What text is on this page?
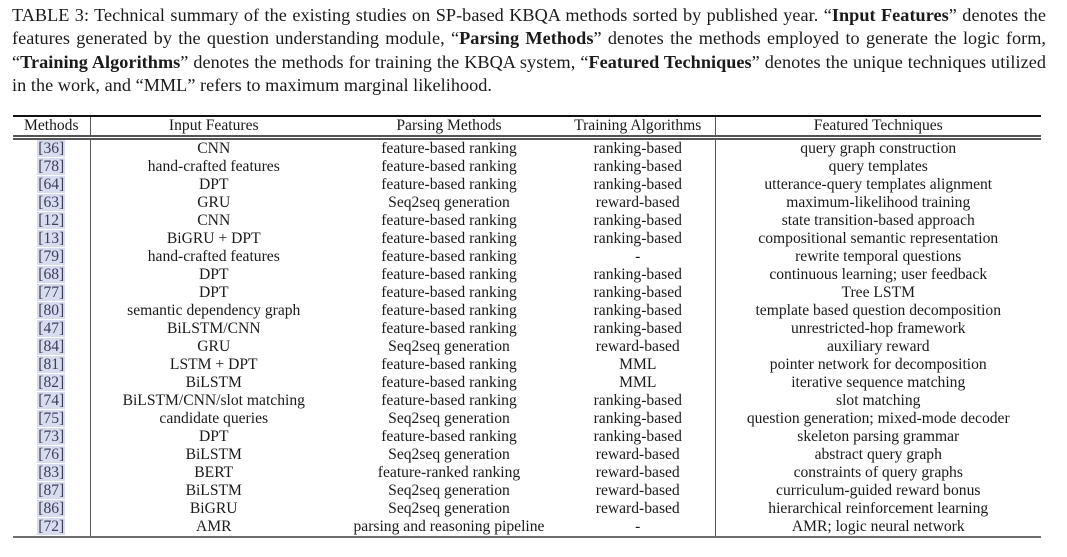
TABLE 3: Technical summary of the existing studies on SP-based KBQA methods sorted by published year. “Input Features” denotes the features generated by the question understanding module, “Parsing Methods” denotes the methods employed to generate the logic form, “Training Algorithms” denotes the methods for training the KBQA system, “Featured Techniques” denotes the unique techniques utilized in the work, and “MML” refers to maximum marginal likelihood.
Methods	Input Features	Parsing Methods	Training Algorithms	Featured Techniques
[36]	CNN	feature-based ranking	ranking-based	query graph construction
[78]	hand-crafted features	feature-based ranking	ranking-based	query templates
[64]	DPT	feature-based ranking	ranking-based	utterance-query templates alignment
[63]	GRU	Seq2seq generation	reward-based	maximum-likelihood training
[12]	CNN	feature-based ranking	ranking-based	state transition-based approach
[13]	BiGRU + DPT	feature-based ranking	ranking-based	compositional semantic representation
[79]	hand-crafted features	feature-based ranking	-	rewrite temporal questions
[68]	DPT	feature-based ranking	ranking-based	continuous learning; user feedback
[77]	DPT	feature-based ranking	ranking-based	Tree LSTM
[80]	semantic dependency graph	feature-based ranking	ranking-based	template based question decomposition
[47]	BiLSTM/CNN	feature-based ranking	ranking-based	unrestricted-hop framework
[84]	GRU	Seq2seq generation	reward-based	auxiliary reward
[81]	LSTM + DPT	feature-based ranking	MML	pointer network for decomposition
[82]	BiLSTM	feature-based ranking	MML	iterative sequence matching
[74]	BiLSTM/CNN/slot matching	feature-based ranking	ranking-based	slot matching
[75]	candidate queries	Seq2seq generation	ranking-based	question generation; mixed-mode decoder
[73]	DPT	feature-based ranking	ranking-based	skeleton parsing grammar
[76]	BiLSTM	Seq2seq generation	reward-based	abstract query graph
[83]	BERT	feature-ranked ranking	reward-based	constraints of query graphs
[87]	BiLSTM	Seq2seq generation	reward-based	curriculum-guided reward bonus
[86]	BiGRU	Seq2seq generation	reward-based	hierarchical reinforcement learning
[72]	AMR	parsing and reasoning pipeline	-	AMR; logic neural network
